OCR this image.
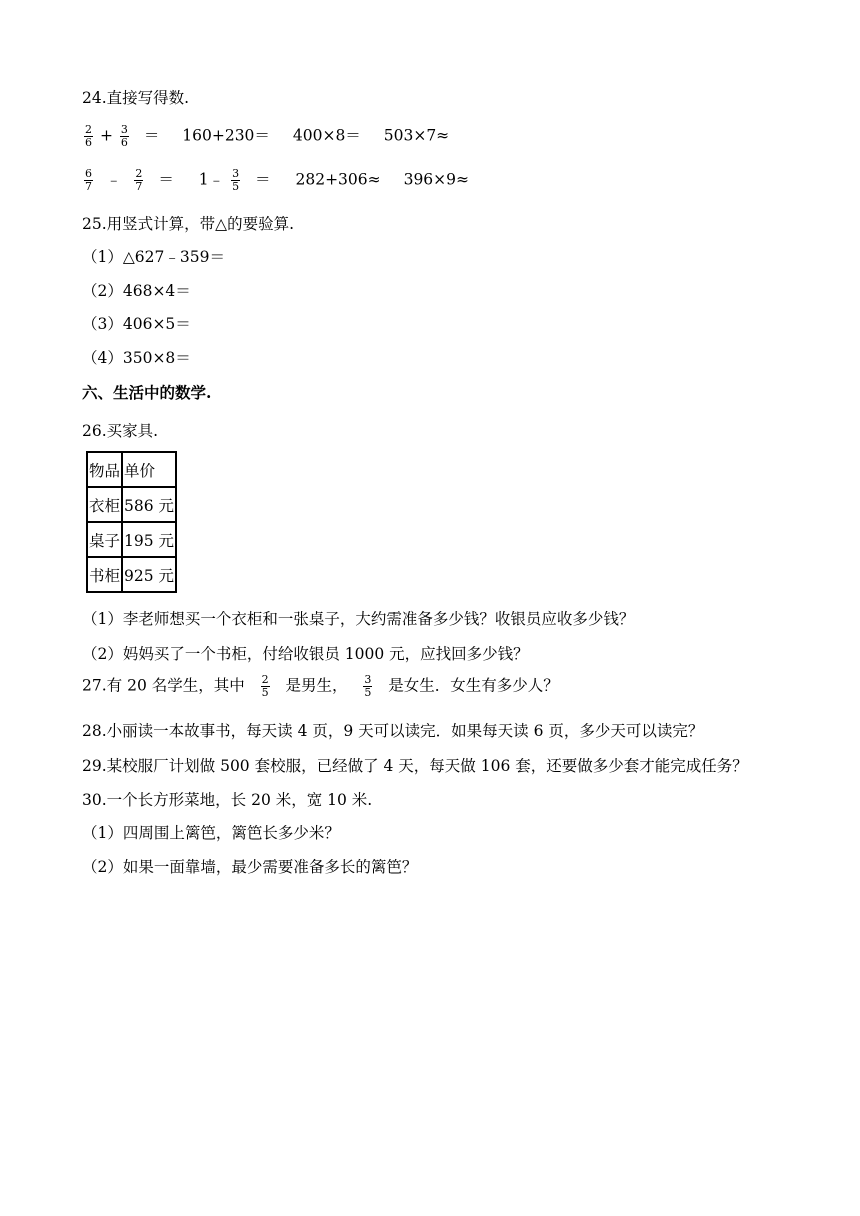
24.直接写得数.
$\frac{2}{6} + \frac{3}{6} = 160+230= 400\times 8= 503\times 7\approx$
$\frac{6}{7}$ ﹣ $\frac{2}{7}$ ＝ 1﹣ $\frac{3}{5} = 282+306\approx 396\times 9\approx$
25.用竖式计算，带△的要验算.
（1）△627﹣359＝
（2）468×4＝
（3）406×5＝
（4）350×8＝
六、生活中的数学.
26.买家具.
物品	单价
衣柜	586 元
桌子	195 元
书柜	925 元
（1）李老师想买一个衣柜和一张桌子，大约需准备多少钱？收银员应收多少钱？
（2）妈妈买了一个书柜，付给收银员 1000 元，应找回多少钱？
27.有 20 名学生，其中 $\frac{2}{5}$ 是男生， $\frac{3}{5}$ 是女生．女生有多少人？
28.小丽读一本故事书，每天读 4 页，9 天可以读完．如果每天读 6 页，多少天可以读完？
29.某校服厂计划做 500 套校服，已经做了 4 天，每天做 106 套，还要做多少套才能完成任务？
30.一个长方形菜地，长 20 米，宽 10 米.
（1）四周围上篱笆，篱笆长多少米？
（2）如果一面靠墙，最少需要准备多长的篱笆？
